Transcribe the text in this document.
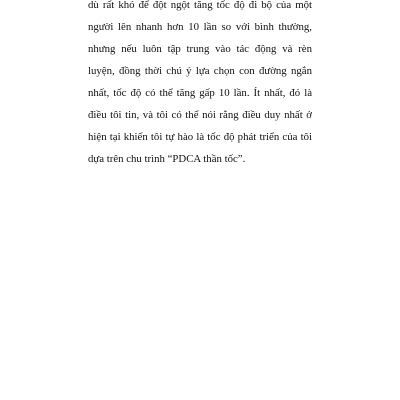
dù rất khó để đột ngột tăng tốc độ đi bộ của một
người lên nhanh hơn 10 lần so với bình thường,
nhưng nếu luôn tập trung vào tác động và rèn
luyện, đồng thời chú ý lựa chọn con đường ngắn
nhất, tốc độ có thể tăng gấp 10 lần. Ít nhất, đó là
điều tôi tin, và tôi có thể nói rằng điều duy nhất ở
hiện tại khiến tôi tự hào là tốc độ phát triển của tôi
dựa trên chu trình “PDCA thần tốc”.
